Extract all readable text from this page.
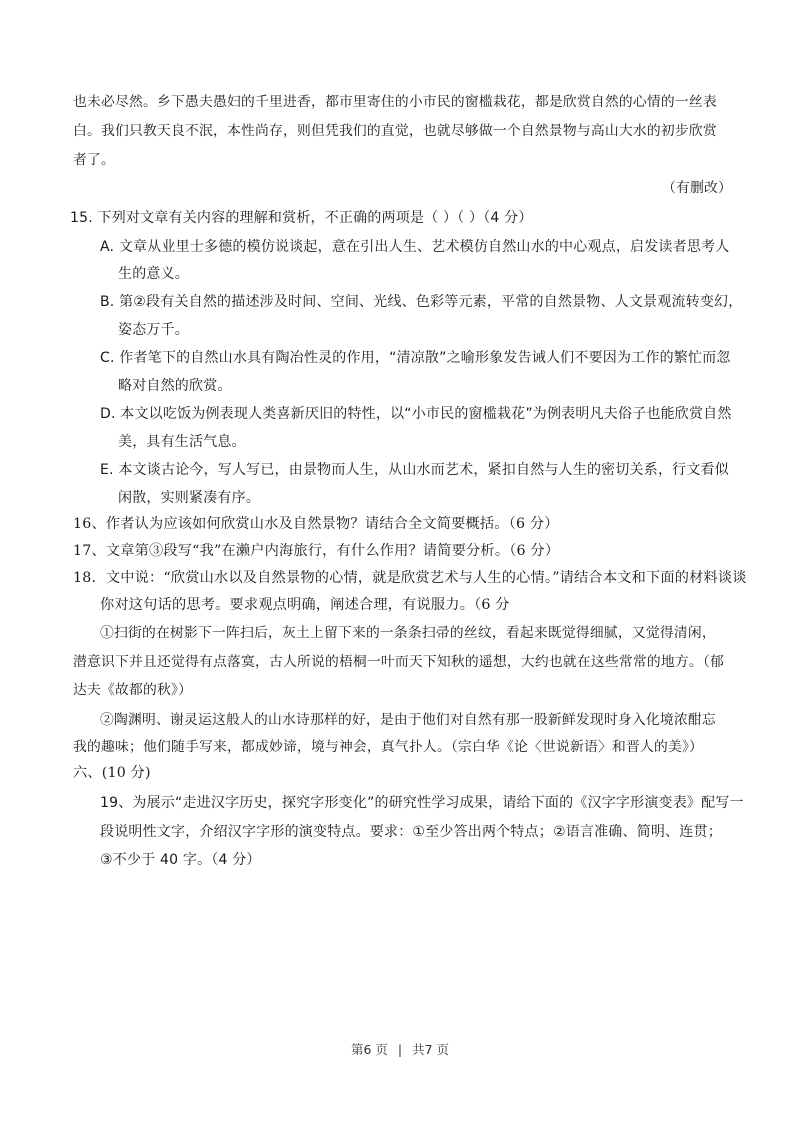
也未必尽然。乡下愚夫愚妇的千里进香，都市里寄住的小市民的窗槛栽花，都是欣赏自然的心情的一丝表
白。我们只教天良不泯，本性尚存，则但凭我们的直觉，也就尽够做一个自然景物与高山大水的初步欣赏
者了。
（有删改）
15. 下列对文章有关内容的理解和赏析，不正确的两项是（ ）（ ）（4 分）
A. 文章从业里士多德的模仿说谈起，意在引出人生、艺术模仿自然山水的中心观点，启发读者思考人
生的意义。
B. 第②段有关自然的描述涉及时间、空间、光线、色彩等元素，平常的自然景物、人文景观流转变幻，
姿态万千。
C. 作者笔下的自然山水具有陶冶性灵的作用，“清凉散”之喻形象发告诫人们不要因为工作的繁忙而忽
略对自然的欣赏。
D. 本文以吃饭为例表现人类喜新厌旧的特性，以“小市民的窗槛栽花”为例表明凡夫俗子也能欣赏自然
美，具有生活气息。
E. 本文谈古论今，写人写已，由景物而人生，从山水而艺术，紧扣自然与人生的密切关系，行文看似
闲散，实则紧凑有序。
16、作者认为应该如何欣赏山水及自然景物？请结合全文简要概括。（6 分）
17、文章第③段写“我”在濑户内海旅行，有什么作用？请简要分析。（6 分）
18．文中说：“欣赏山水以及自然景物的心情，就是欣赏艺术与人生的心情。”请结合本文和下面的材料谈谈
你对这句话的思考。要求观点明确，阐述合理，有说服力。（6 分
①扫街的在树影下一阵扫后，灰土上留下来的一条条扫帚的丝纹，看起来既觉得细腻，又觉得清闲，
潜意识下并且还觉得有点落寞，古人所说的梧桐一叶而天下知秋的遥想，大约也就在这些常常的地方。（郁
达夫《故都的秋》）
②陶渊明、谢灵运这般人的山水诗那样的好，是由于他们对自然有那一股新鲜发现时身入化境浓酣忘
我的趣味；他们随手写来，都成妙谛，境与神会，真气扑人。（宗白华《论〈世说新语〉和晋人的美》）
六、(10 分)
19、为展示“走进汉字历史，探究字形变化”的研究性学习成果，请给下面的《汉字字形演变表》配写一
段说明性文字，介绍汉字字形的演变特点。要求：①至少答出两个特点；②语言准确、简明、连贯；
③不少于 40 字。（4 分）
第6 页 | 共7 页
